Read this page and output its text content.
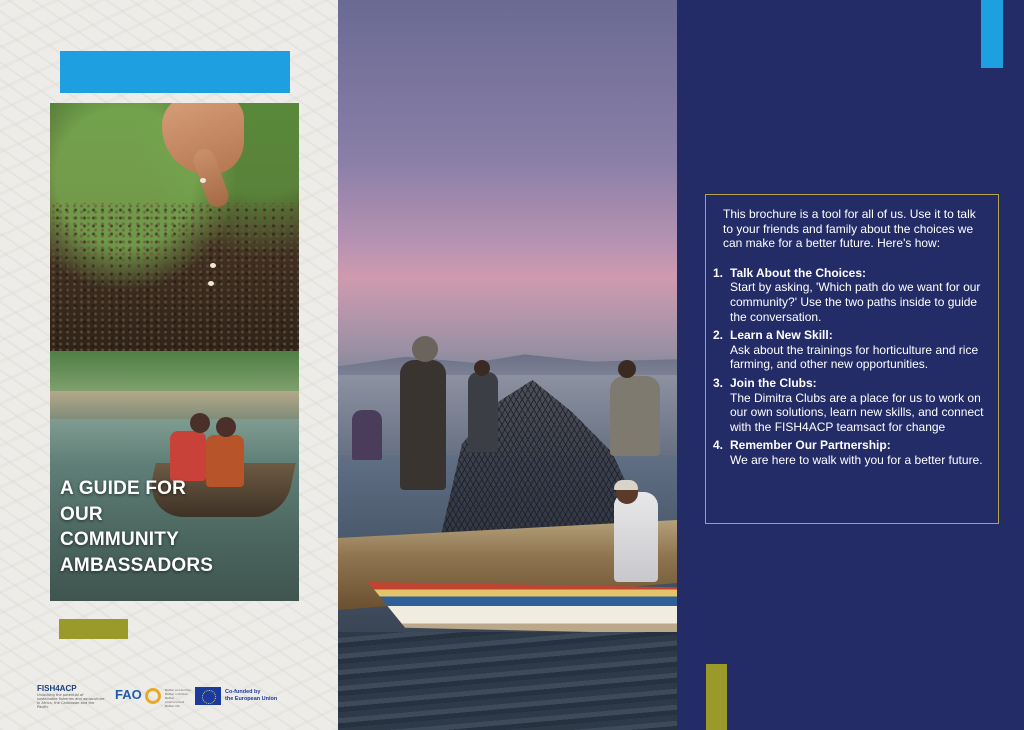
A GUIDE FOR
OUR
COMMUNITY
AMBASSADORS
FISH4ACP
Unlocking the potential of sustainable fisheries and aquaculture in Africa, the Caribbean and the Pacific
FAO	Better production Better nutrition Better environment Better life
Co-funded by
the European Union

This brochure is a tool for all of us. Use it to talk to your friends and family about the choices we can make for a better future. Here's how:

1. Talk About the Choices:
Start by asking, 'Which path do we want for our community?' Use the two paths inside to guide the conversation.
2. Learn a New Skill:
Ask about the trainings for horticulture and rice farming, and other new opportunities.
3. Join the Clubs:
The Dimitra Clubs are a place for us to work on our own solutions, learn new skills, and connect with the FISH4ACP teamsact for change
4. Remember Our Partnership:
We are here to walk with you for a better future.
